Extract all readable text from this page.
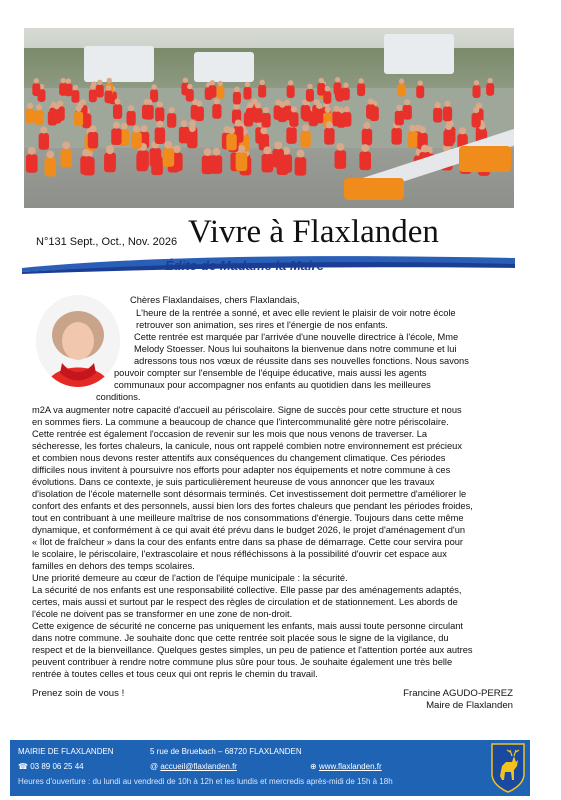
N°131 Sept., Oct., Nov. 2026 Vivre à Flaxlanden
Édito de Madame la Maire
Chères Flaxlandaises, chers Flaxlandais,
L'heure de la rentrée a sonné, et avec elle revient le plaisir de voir notre école
retrouver son animation, ses rires et l'énergie de nos enfants.
Cette rentrée est marquée par l'arrivée d'une nouvelle directrice à l'école, Mme
Melody Stoesser. Nous lui souhaitons la bienvenue dans notre commune et lui
adressons tous nos vœux de réussite dans ses nouvelles fonctions. Nous savons
pouvoir compter sur l'ensemble de l'équipe éducative, mais aussi les agents
communaux pour accompagner nos enfants au quotidien dans les meilleures
conditions.
m2A va augmenter notre capacité d'accueil au périscolaire. Signe de succès pour cette structure et nous
en sommes fiers. La commune a beaucoup de chance que l'intercommunalité gère notre périscolaire.
Cette rentrée est également l'occasion de revenir sur les mois que nous venons de traverser. La
sécheresse, les fortes chaleurs, la canicule, nous ont rappelé combien notre environnement est précieux
et combien nous devons rester attentifs aux conséquences du changement climatique. Ces périodes
difficiles nous invitent à poursuivre nos efforts pour adapter nos équipements et notre commune à ces
évolutions. Dans ce contexte, je suis particulièrement heureuse de vous annoncer que les travaux
d'isolation de l'école maternelle sont désormais terminés. Cet investissement doit permettre d'améliorer le
confort des enfants et des personnels, aussi bien lors des fortes chaleurs que pendant les périodes froides,
tout en contribuant à une meilleure maîtrise de nos consommations d'énergie. Toujours dans cette même
dynamique, et conformément à ce qui avait été prévu dans le budget 2026, le projet d'aménagement d'un
« îlot de fraîcheur » dans la cour des enfants entre dans sa phase de démarrage. Cette cour servira pour
le scolaire, le périscolaire, l'extrascolaire et nous réfléchissons à la possibilité d'ouvrir cet espace aux
familles en dehors des temps scolaires.
Une priorité demeure au cœur de l'action de l'équipe municipale : la sécurité.
La sécurité de nos enfants est une responsabilité collective. Elle passe par des aménagements adaptés,
certes, mais aussi et surtout par le respect des règles de circulation et de stationnement. Les abords de
l'école ne doivent pas se transformer en une zone de non-droit.
Cette exigence de sécurité ne concerne pas uniquement les enfants, mais aussi toute personne circulant
dans notre commune. Je souhaite donc que cette rentrée soit placée sous le signe de la vigilance, du
respect et de la bienveillance. Quelques gestes simples, un peu de patience et l'attention portée aux autres
peuvent contribuer à rendre notre commune plus sûre pour tous. Je souhaite également une très belle
rentrée à toutes celles et tous ceux qui ont repris le chemin du travail.
Prenez soin de vous !	Francine AGUDO-PEREZ
Maire de Flaxlanden
MAIRIE DE FLAXLANDEN	5 rue de Bruebach – 68720 FLAXLANDEN
☎ 03 89 06 25 44	@ accueil@flaxlanden.fr	⊕ www.flaxlanden.fr
Heures d'ouverture : du lundi au vendredi de 10h à 12h et les lundis et mercredis après-midi de 15h à 18h
